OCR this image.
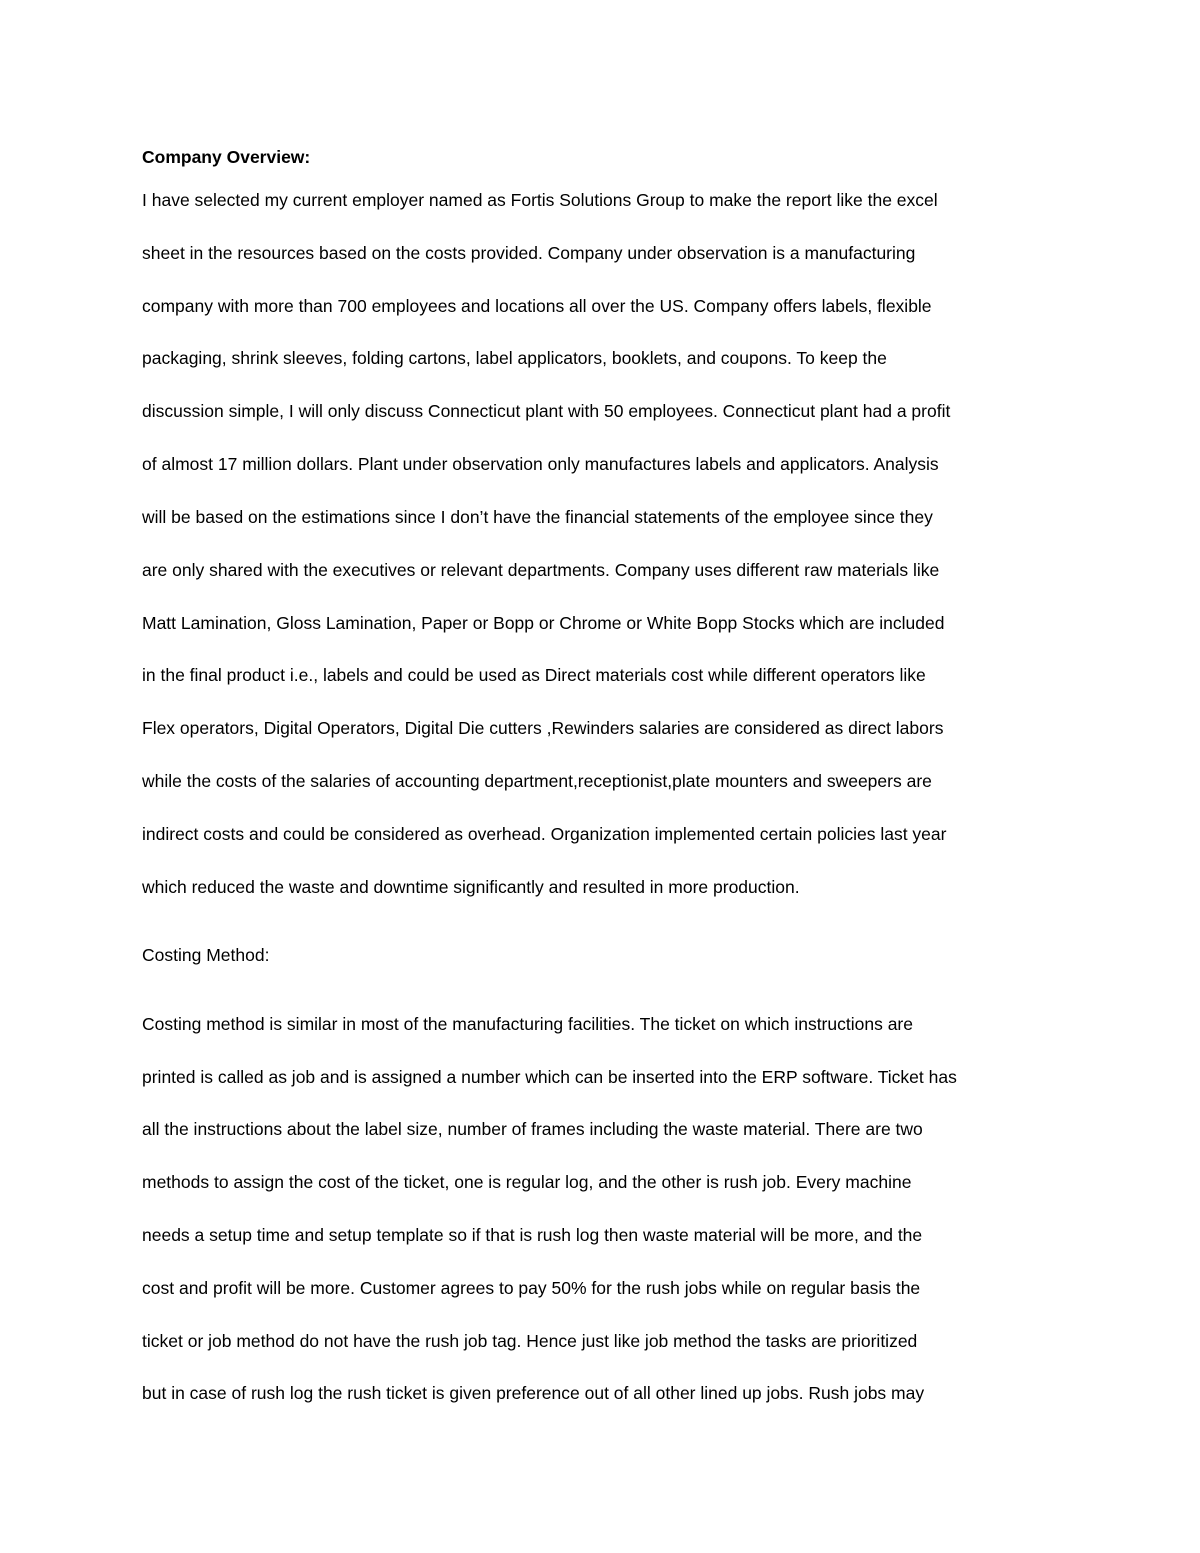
Company Overview:
I have selected my current employer named as Fortis Solutions Group to make the report like the excel
sheet in the resources based on the costs provided. Company under observation is a manufacturing
company with more than 700 employees and locations all over the US. Company offers labels, flexible
packaging, shrink sleeves, folding cartons, label applicators, booklets, and coupons. To keep the
discussion simple, I will only discuss Connecticut plant with 50 employees. Connecticut plant had a profit
of almost 17 million dollars. Plant under observation only manufactures labels and applicators. Analysis
will be based on the estimations since I don’t have the financial statements of the employee since they
are only shared with the executives or relevant departments. Company uses different raw materials like
Matt Lamination, Gloss Lamination, Paper or Bopp or Chrome or White Bopp Stocks which are included
in the final product i.e., labels and could be used as Direct materials cost while different operators like
Flex operators, Digital Operators, Digital Die cutters ,Rewinders salaries are considered as direct labors
while the costs of the salaries of accounting department,receptionist,plate mounters and sweepers are
indirect costs and could be considered as overhead. Organization implemented certain policies last year
which reduced the waste and downtime significantly and resulted in more production.
Costing Method:
Costing method is similar in most of the manufacturing facilities. The ticket on which instructions are
printed is called as job and is assigned a number which can be inserted into the ERP software. Ticket has
all the instructions about the label size, number of frames including the waste material. There are two
methods to assign the cost of the ticket, one is regular log, and the other is rush job. Every machine
needs a setup time and setup template so if that is rush log then waste material will be more, and the
cost and profit will be more. Customer agrees to pay 50% for the rush jobs while on regular basis the
ticket or job method do not have the rush job tag. Hence just like job method the tasks are prioritized
but in case of rush log the rush ticket is given preference out of all other lined up jobs. Rush jobs may
